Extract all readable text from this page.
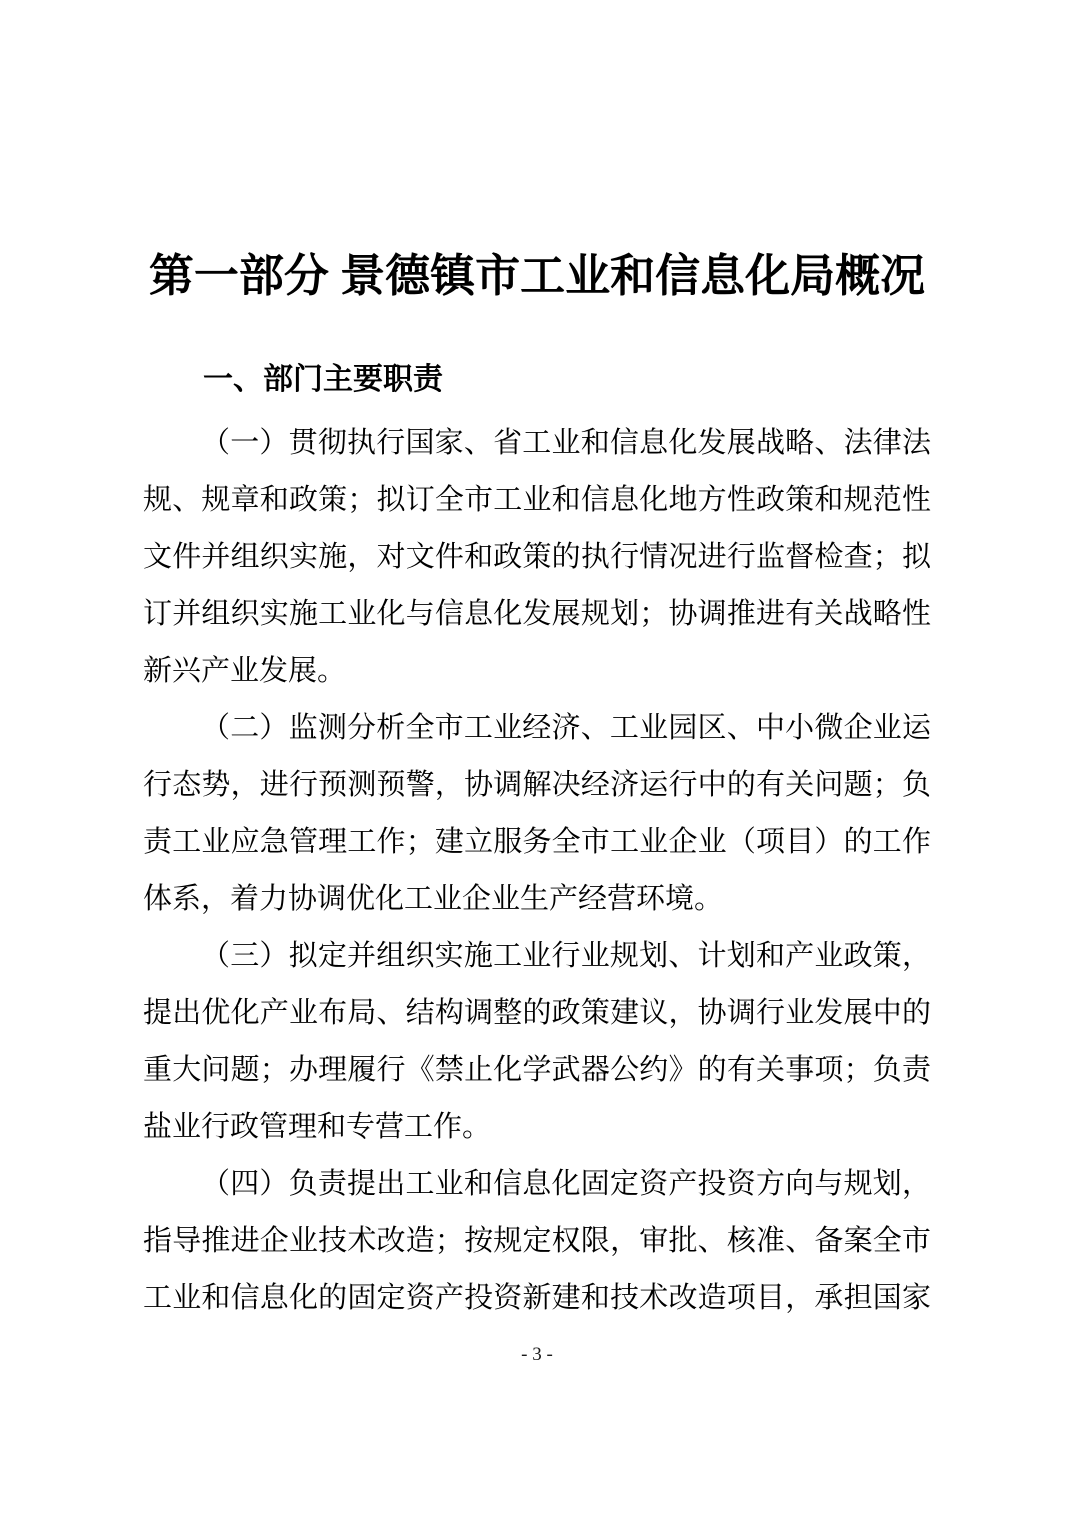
第一部分 景德镇市工业和信息化局概况
一、部门主要职责
（一）贯彻执行国家、省工业和信息化发展战略、法律法
规、规章和政策；拟订全市工业和信息化地方性政策和规范性
文件并组织实施，对文件和政策的执行情况进行监督检查；拟
订并组织实施工业化与信息化发展规划；协调推进有关战略性
新兴产业发展。
（二）监测分析全市工业经济、工业园区、中小微企业运
行态势，进行预测预警，协调解决经济运行中的有关问题；负
责工业应急管理工作；建立服务全市工业企业（项目）的工作
体系，着力协调优化工业企业生产经营环境。
（三）拟定并组织实施工业行业规划、计划和产业政策，
提出优化产业布局、结构调整的政策建议，协调行业发展中的
重大问题；办理履行《禁止化学武器公约》的有关事项；负责
盐业行政管理和专营工作。
（四）负责提出工业和信息化固定资产投资方向与规划，
指导推进企业技术改造；按规定权限，审批、核准、备案全市
工业和信息化的固定资产投资新建和技术改造项目，承担国家
- 3 -
